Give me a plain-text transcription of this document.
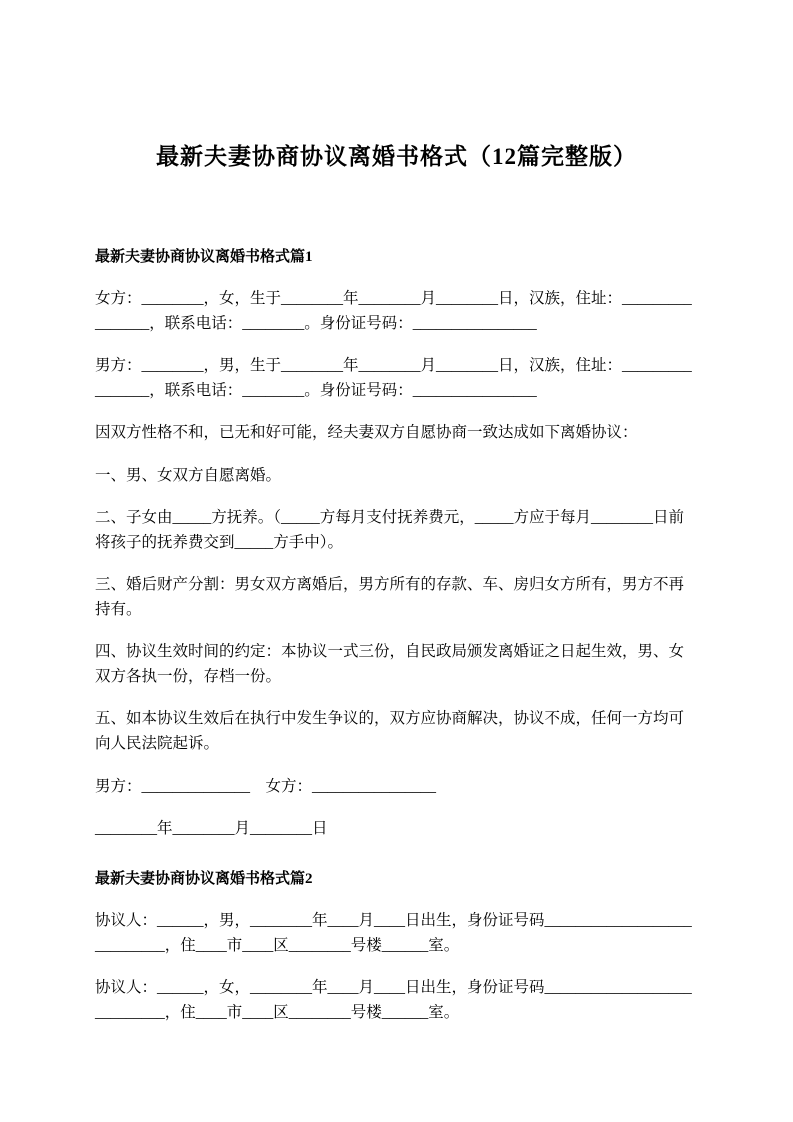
最新夫妻协商协议离婚书格式（12篇完整版）
最新夫妻协商协议离婚书格式篇1

女方：________，女，生于________年________月________日，汉族，住址：________________，联系电话：________。身份证号码：________________

男方：________，男，生于________年________月________日，汉族，住址：________________，联系电话：________。身份证号码：________________

因双方性格不和，已无和好可能，经夫妻双方自愿协商一致达成如下离婚协议：

一、男、女双方自愿离婚。

二、子女由_____方抚养。（_____方每月支付抚养费元，_____方应于每月________日前将孩子的抚养费交到_____方手中）。

三、婚后财产分割：男女双方离婚后，男方所有的存款、车、房归女方所有，男方不再持有。

四、协议生效时间的约定：本协议一式三份，自民政局颁发离婚证之日起生效，男、女双方各执一份，存档一份。

五、如本协议生效后在执行中发生争议的，双方应协商解决，协议不成，任何一方均可向人民法院起诉。

男方：______________　女方：________________

________年________月________日

最新夫妻协商协议离婚书格式篇2

协议人：______，男，________年____月____日出生，身份证号码____________________________，住____市____区________号楼______室。

协议人：______，女，________年____月____日出生，身份证号码____________________________，住____市____区________号楼______室。
